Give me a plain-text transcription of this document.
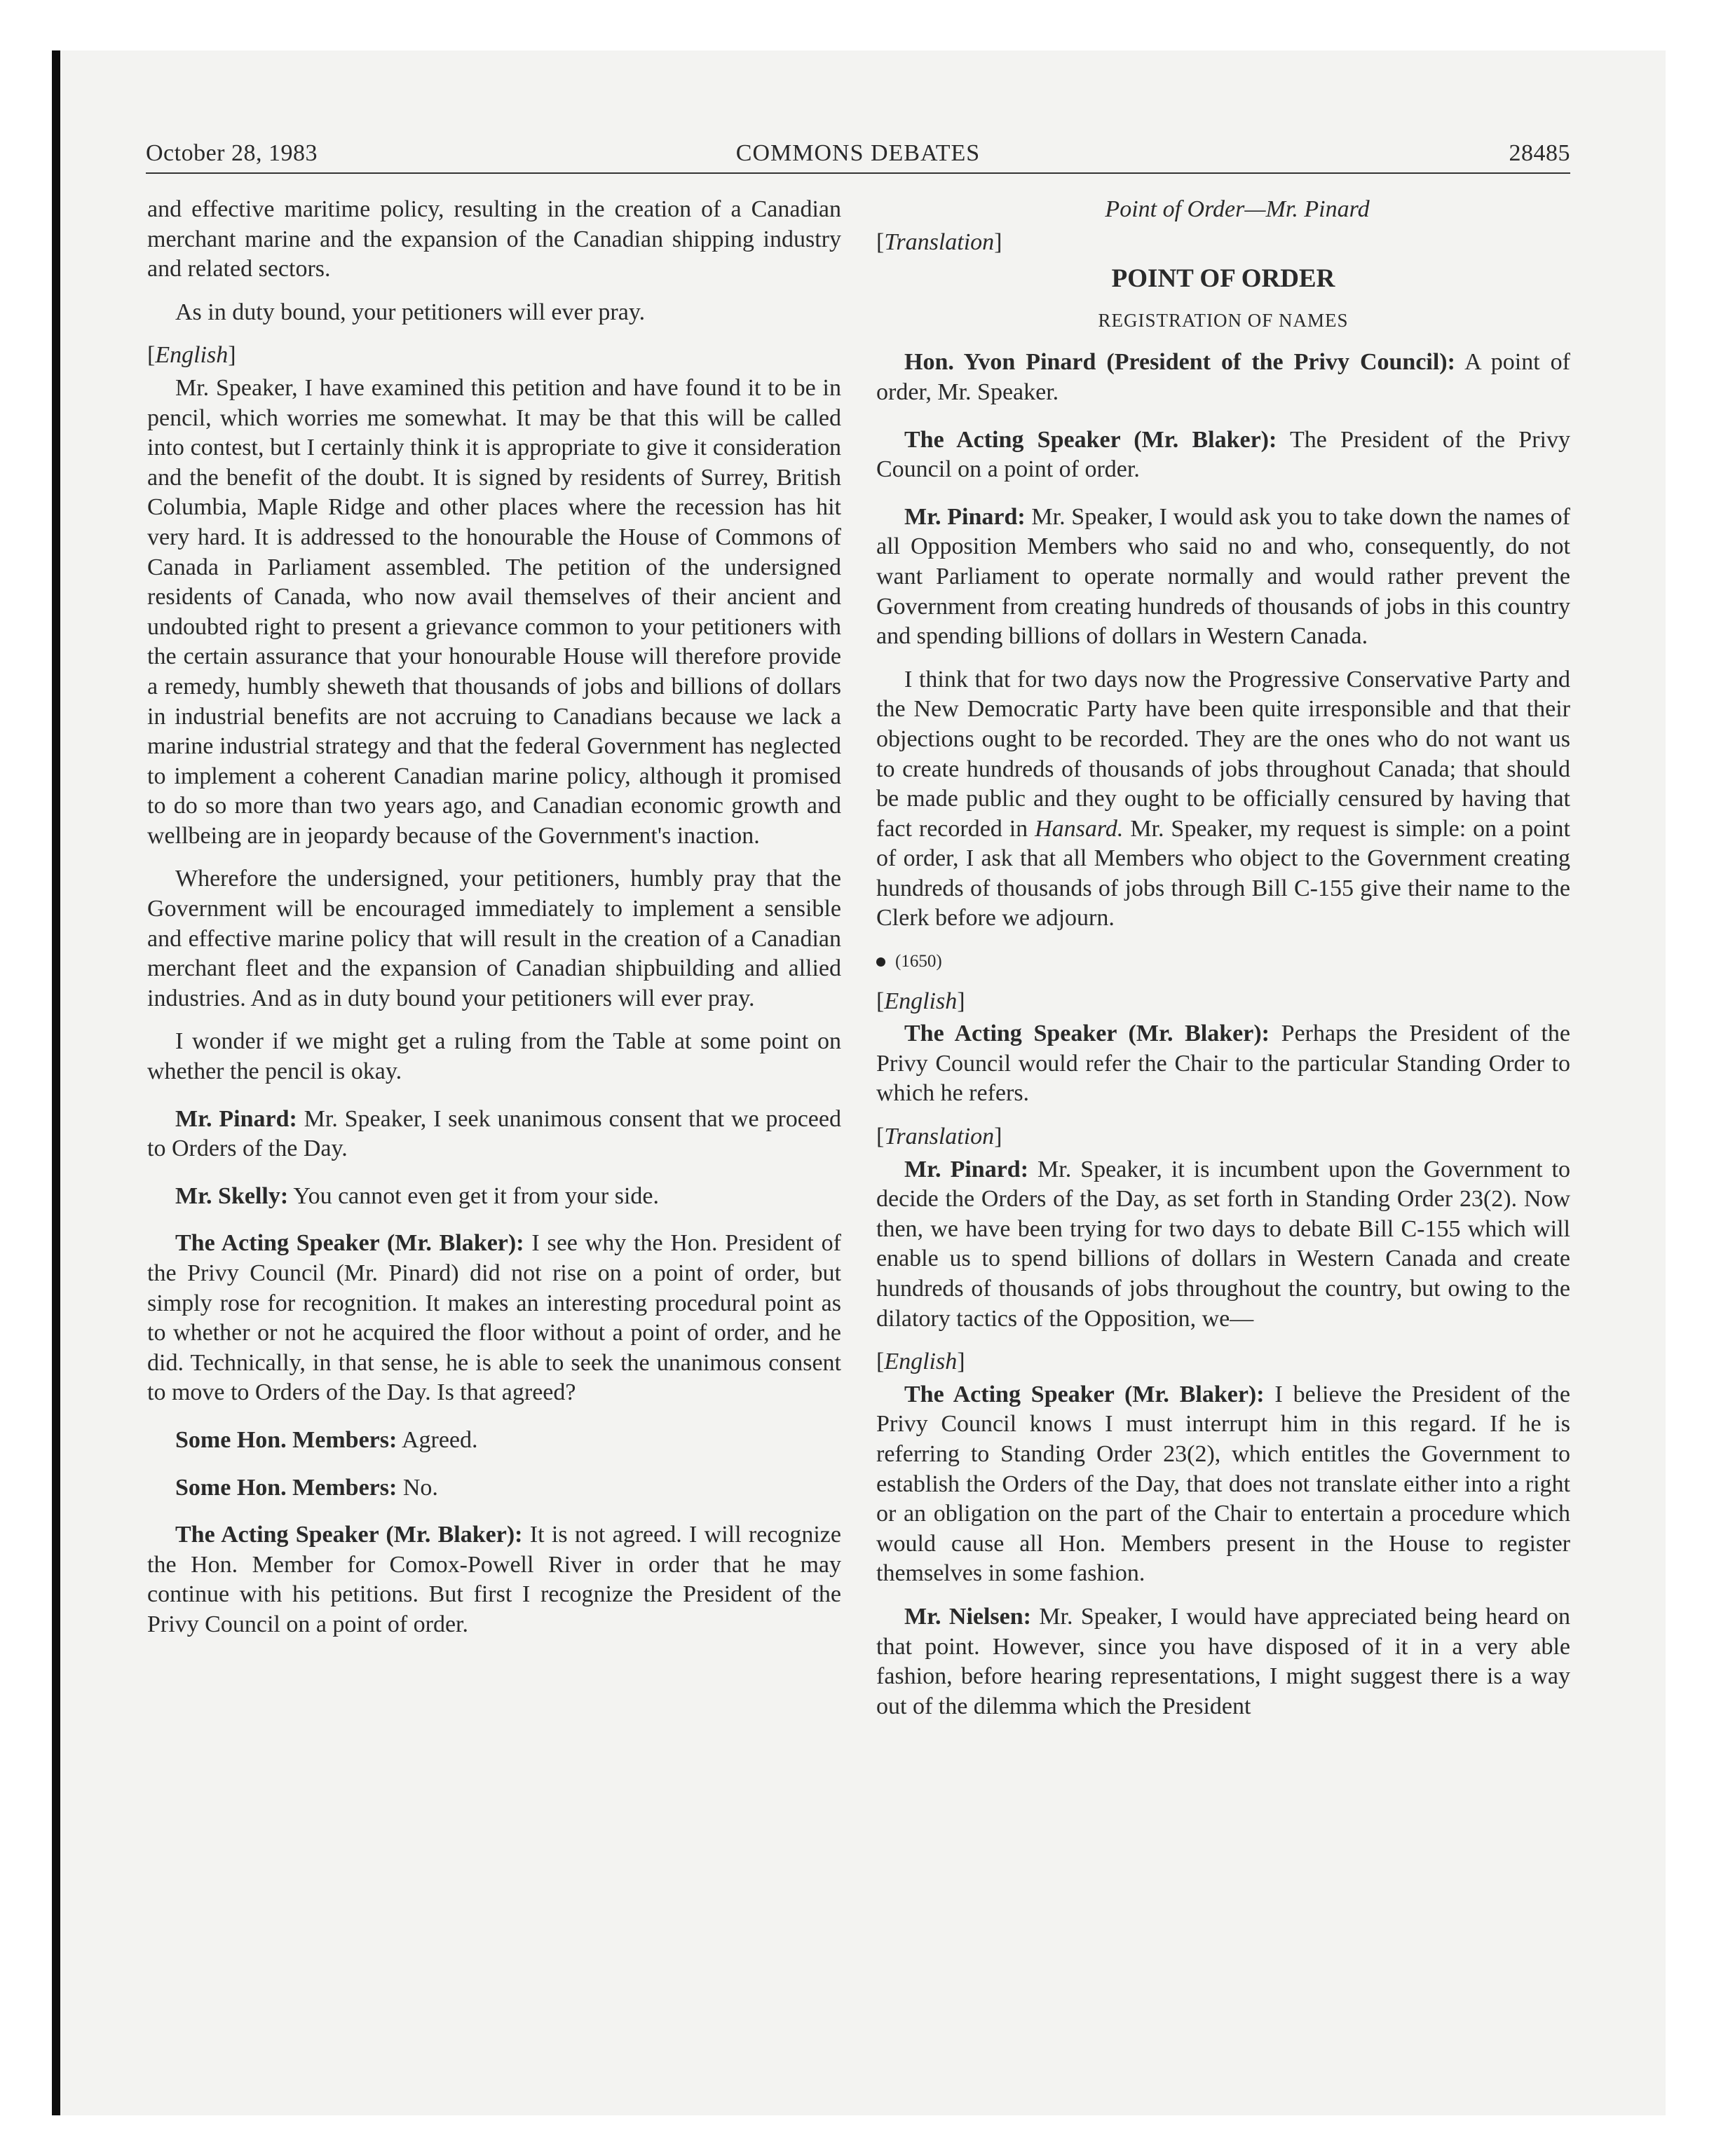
October 28, 1983	COMMONS DEBATES	28485

and effective maritime policy, resulting in the creation of a Canadian merchant marine and the expansion of the Canadian shipping industry and related sectors.

As in duty bound, your petitioners will ever pray.

[English]

Mr. Speaker, I have examined this petition and have found it to be in pencil, which worries me somewhat. It may be that this will be called into contest, but I certainly think it is appropriate to give it consideration and the benefit of the doubt. It is signed by residents of Surrey, British Columbia, Maple Ridge and other places where the recession has hit very hard. It is addressed to the honourable the House of Commons of Canada in Parliament assembled. The petition of the undersigned residents of Canada, who now avail themselves of their ancient and undoubted right to present a grievance common to your petitioners with the certain assurance that your honourable House will therefore provide a remedy, humbly sheweth that thousands of jobs and billions of dollars in industrial benefits are not accruing to Canadians because we lack a marine industrial strategy and that the federal Government has neglected to implement a coherent Canadian marine policy, although it promised to do so more than two years ago, and Canadian economic growth and wellbeing are in jeopardy because of the Government's inaction.

Wherefore the undersigned, your petitioners, humbly pray that the Government will be encouraged immediately to implement a sensible and effective marine policy that will result in the creation of a Canadian merchant fleet and the expansion of Canadian shipbuilding and allied industries. And as in duty bound your petitioners will ever pray.

I wonder if we might get a ruling from the Table at some point on whether the pencil is okay.

Mr. Pinard: Mr. Speaker, I seek unanimous consent that we proceed to Orders of the Day.

Mr. Skelly: You cannot even get it from your side.

The Acting Speaker (Mr. Blaker): I see why the Hon. President of the Privy Council (Mr. Pinard) did not rise on a point of order, but simply rose for recognition. It makes an interesting procedural point as to whether or not he acquired the floor without a point of order, and he did. Technically, in that sense, he is able to seek the unanimous consent to move to Orders of the Day. Is that agreed?

Some Hon. Members: Agreed.

Some Hon. Members: No.

The Acting Speaker (Mr. Blaker): It is not agreed. I will recognize the Hon. Member for Comox-Powell River in order that he may continue with his petitions. But first I recognize the President of the Privy Council on a point of order.

Point of Order—Mr. Pinard

[Translation]

POINT OF ORDER
REGISTRATION OF NAMES

Hon. Yvon Pinard (President of the Privy Council): A point of order, Mr. Speaker.

The Acting Speaker (Mr. Blaker): The President of the Privy Council on a point of order.

Mr. Pinard: Mr. Speaker, I would ask you to take down the names of all Opposition Members who said no and who, consequently, do not want Parliament to operate normally and would rather prevent the Government from creating hundreds of thousands of jobs in this country and spending billions of dollars in Western Canada.

I think that for two days now the Progressive Conservative Party and the New Democratic Party have been quite irresponsible and that their objections ought to be recorded. They are the ones who do not want us to create hundreds of thousands of jobs throughout Canada; that should be made public and they ought to be officially censured by having that fact recorded in Hansard. Mr. Speaker, my request is simple: on a point of order, I ask that all Members who object to the Government creating hundreds of thousands of jobs through Bill C-155 give their name to the Clerk before we adjourn.

(1650)

[English]

The Acting Speaker (Mr. Blaker): Perhaps the President of the Privy Council would refer the Chair to the particular Standing Order to which he refers.

[Translation]

Mr. Pinard: Mr. Speaker, it is incumbent upon the Government to decide the Orders of the Day, as set forth in Standing Order 23(2). Now then, we have been trying for two days to debate Bill C-155 which will enable us to spend billions of dollars in Western Canada and create hundreds of thousands of jobs throughout the country, but owing to the dilatory tactics of the Opposition, we—

[English]

The Acting Speaker (Mr. Blaker): I believe the President of the Privy Council knows I must interrupt him in this regard. If he is referring to Standing Order 23(2), which entitles the Government to establish the Orders of the Day, that does not translate either into a right or an obligation on the part of the Chair to entertain a procedure which would cause all Hon. Members present in the House to register themselves in some fashion.

Mr. Nielsen: Mr. Speaker, I would have appreciated being heard on that point. However, since you have disposed of it in a very able fashion, before hearing representations, I might suggest there is a way out of the dilemma which the President
